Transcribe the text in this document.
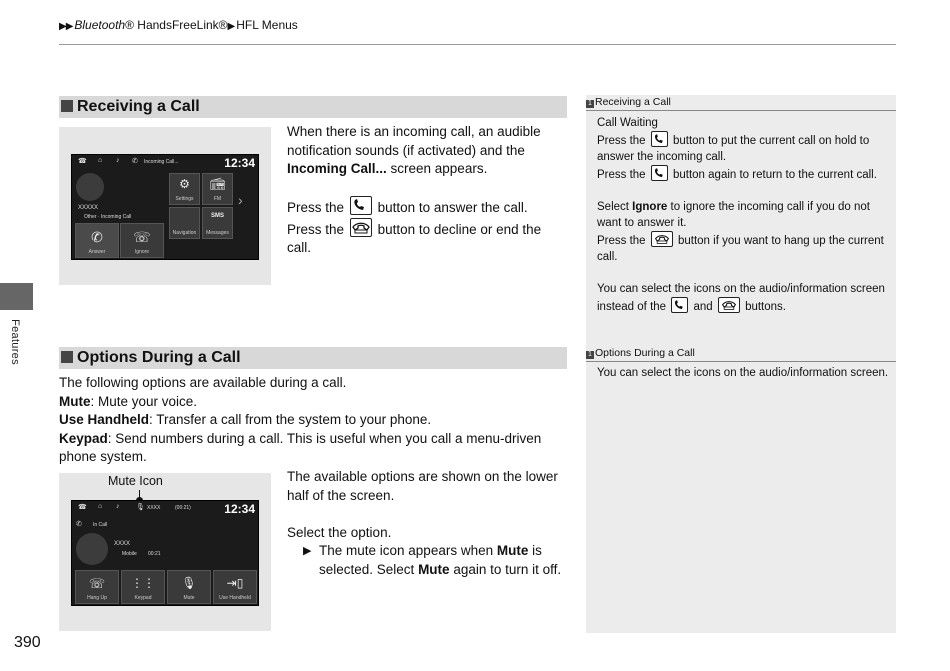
▶▶ Bluetooth® HandsFreeLink®▶ HFL Menus
Features
Receiving a Call
☎ ⌂ ♪ ✆ Incoming Call...	12:34
XXXXX
Other · Incoming Call
✆
Answer
☏
Ignore
⚙
Settings
📻︎
FM
Navigation
SMS
Messages
›
When there is an incoming call, an audible notification sounds (if activated) and the Incoming Call... screen appears.
Press the button to answer the call.
Press the button to decline or end the call.
Options During a Call
The following options are available during a call.
Mute: Mute your voice.
Use Handheld: Transfer a call from the system to your phone.
Keypad: Send numbers during a call. This is useful when you call a menu-driven phone system.
Mute Icon
☎ ⌂ ♪ 🎙︎ XXXX	(00:21)	12:34
✆ In Call
XXXX
Mobile 00:21
☏
Hang Up
⋮⋮
Keypad
🎙︎
Mute
⇥▯
Use Handheld
The available options are shown on the lower half of the screen.
Select the option.
▶ The mute icon appears when Mute is selected. Select Mute again to turn it off.
1 Receiving a Call
Call Waiting
Press the button to put the current call on hold to answer the incoming call.
Press the button again to return to the current call.
Select Ignore to ignore the incoming call if you do not want to answer it.
Press the	button if you want to hang up the current call.
You can select the icons on the audio/information screen instead of the and	buttons.
1 Options During a Call
You can select the icons on the audio/information screen.
390
